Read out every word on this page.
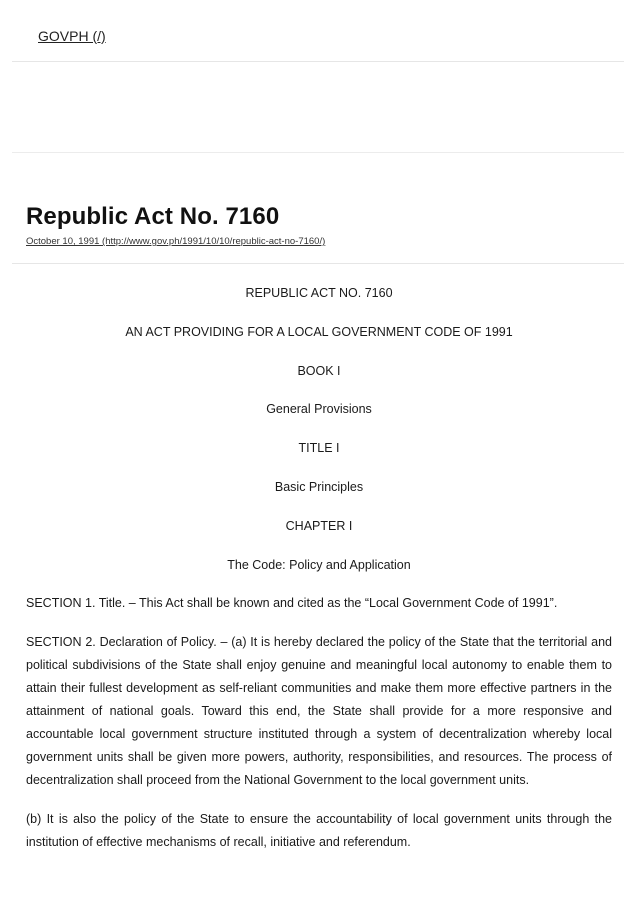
GOVPH (/)
Republic Act No. 7160
October 10, 1991 (http://www.gov.ph/1991/10/10/republic-act-no-7160/)

REPUBLIC ACT NO. 7160

AN ACT PROVIDING FOR A LOCAL GOVERNMENT CODE OF 1991

BOOK I

General Provisions

TITLE I

Basic Principles

CHAPTER I

The Code: Policy and Application

SECTION 1. Title. – This Act shall be known and cited as the “Local Government Code of 1991”.

SECTION 2. Declaration of Policy. – (a) It is hereby declared the policy of the State that the territorial and political subdivisions of the State shall enjoy genuine and meaningful local autonomy to enable them to attain their fullest development as self-reliant communities and make them more effective partners in the attainment of national goals. Toward this end, the State shall provide for a more responsive and accountable local government structure instituted through a system of decentralization whereby local government units shall be given more powers, authority, responsibilities, and resources. The process of decentralization shall proceed from the National Government to the local government units.

(b) It is also the policy of the State to ensure the accountability of local government units through the institution of effective mechanisms of recall, initiative and referendum.
